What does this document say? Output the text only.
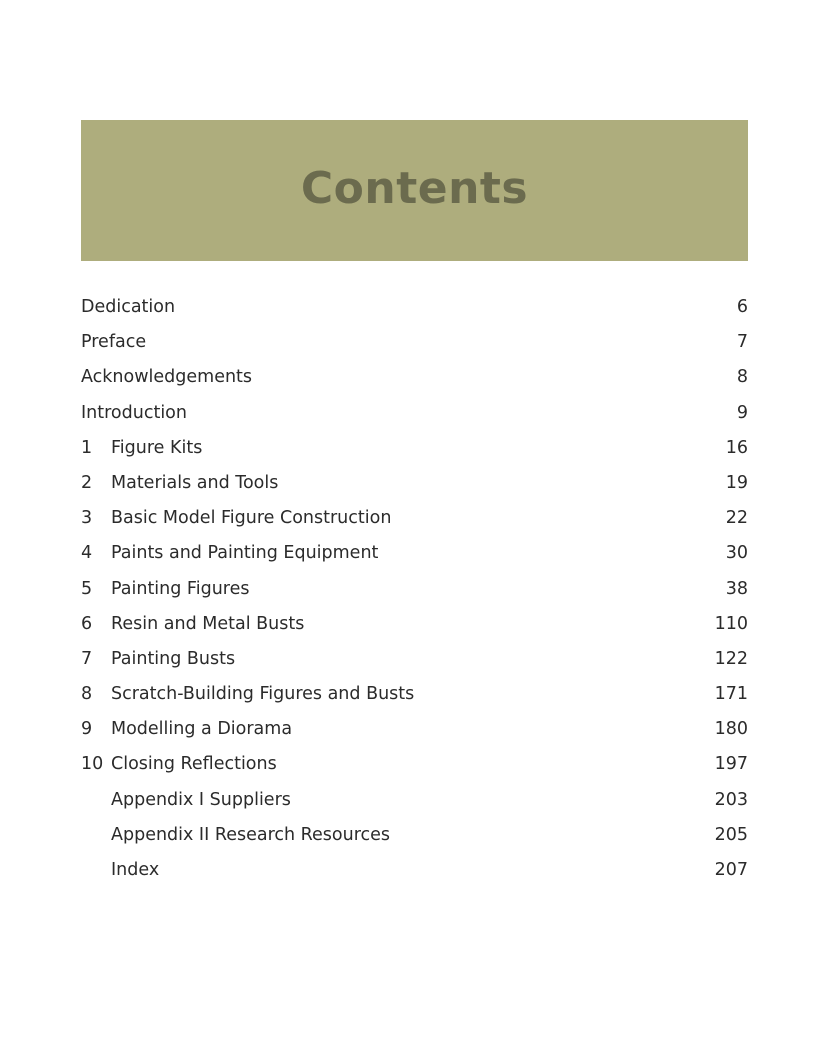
Contents
Dedication	6
Preface	7
Acknowledgements	8
Introduction	9
1 Figure Kits	16
2 Materials and Tools	19
3 Basic Model Figure Construction	22
4 Paints and Painting Equipment	30
5 Painting Figures	38
6 Resin and Metal Busts	110
7 Painting Busts	122
8 Scratch-Building Figures and Busts	171
9 Modelling a Diorama	180
10 Closing Reflections	197
Appendix I Suppliers	203
Appendix II Research Resources	205
Index	207
